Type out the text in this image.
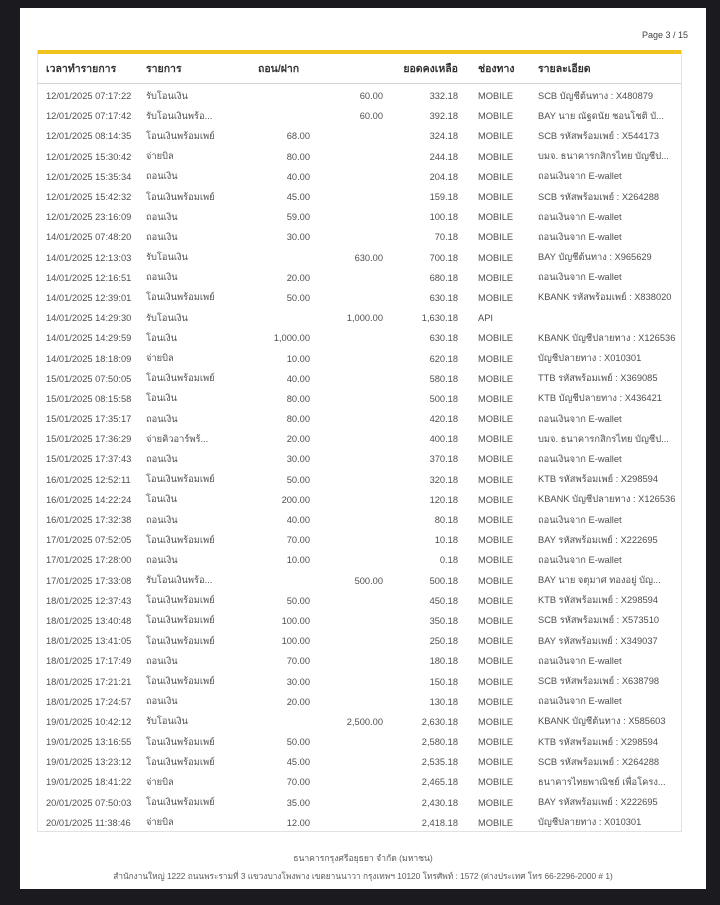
Page 3 / 15
เวลาทำรายการ	รายการ	ถอน/ฝาก	ยอดคงเหลือ	ช่องทาง	รายละเอียด
12/01/2025 07:17:22	รับโอนเงิน	60.00	332.18	MOBILE	SCB บัญชีต้นทาง : X480879
12/01/2025 07:17:42	รับโอนเงินพร้อ...	60.00	392.18	MOBILE	BAY นาย ณัฐดนัย ชอนโชติ บั...
12/01/2025 08:14:35	โอนเงินพร้อมเพย์	68.00	324.18	MOBILE	SCB รหัสพร้อมเพย์ : X544173
12/01/2025 15:30:42	จ่ายบิล	80.00	244.18	MOBILE	บมจ. ธนาคารกสิกรไทย บัญชีป...
12/01/2025 15:35:34	ถอนเงิน	40.00	204.18	MOBILE	ถอนเงินจาก E-wallet
12/01/2025 15:42:32	โอนเงินพร้อมเพย์	45.00	159.18	MOBILE	SCB รหัสพร้อมเพย์ : X264288
12/01/2025 23:16:09	ถอนเงิน	59.00	100.18	MOBILE	ถอนเงินจาก E-wallet
14/01/2025 07:48:20	ถอนเงิน	30.00	70.18	MOBILE	ถอนเงินจาก E-wallet
14/01/2025 12:13:03	รับโอนเงิน	630.00	700.18	MOBILE	BAY บัญชีต้นทาง : X965629
14/01/2025 12:16:51	ถอนเงิน	20.00	680.18	MOBILE	ถอนเงินจาก E-wallet
14/01/2025 12:39:01	โอนเงินพร้อมเพย์	50.00	630.18	MOBILE	KBANK รหัสพร้อมเพย์ : X838020
14/01/2025 14:29:30	รับโอนเงิน	1,000.00	1,630.18	API
14/01/2025 14:29:59	โอนเงิน	1,000.00	630.18	MOBILE	KBANK บัญชีปลายทาง : X126536
14/01/2025 18:18:09	จ่ายบิล	10.00	620.18	MOBILE	บัญชีปลายทาง : X010301
15/01/2025 07:50:05	โอนเงินพร้อมเพย์	40.00	580.18	MOBILE	TTB รหัสพร้อมเพย์ : X369085
15/01/2025 08:15:58	โอนเงิน	80.00	500.18	MOBILE	KTB บัญชีปลายทาง : X436421
15/01/2025 17:35:17	ถอนเงิน	80.00	420.18	MOBILE	ถอนเงินจาก E-wallet
15/01/2025 17:36:29	จ่ายคิวอาร์พร้...	20.00	400.18	MOBILE	บมจ. ธนาคารกสิกรไทย บัญชีป...
15/01/2025 17:37:43	ถอนเงิน	30.00	370.18	MOBILE	ถอนเงินจาก E-wallet
16/01/2025 12:52:11	โอนเงินพร้อมเพย์	50.00	320.18	MOBILE	KTB รหัสพร้อมเพย์ : X298594
16/01/2025 14:22:24	โอนเงิน	200.00	120.18	MOBILE	KBANK บัญชีปลายทาง : X126536
16/01/2025 17:32:38	ถอนเงิน	40.00	80.18	MOBILE	ถอนเงินจาก E-wallet
17/01/2025 07:52:05	โอนเงินพร้อมเพย์	70.00	10.18	MOBILE	BAY รหัสพร้อมเพย์ : X222695
17/01/2025 17:28:00	ถอนเงิน	10.00	0.18	MOBILE	ถอนเงินจาก E-wallet
17/01/2025 17:33:08	รับโอนเงินพร้อ...	500.00	500.18	MOBILE	BAY นาย จตุมาศ ทองอยู่ บัญ...
18/01/2025 12:37:43	โอนเงินพร้อมเพย์	50.00	450.18	MOBILE	KTB รหัสพร้อมเพย์ : X298594
18/01/2025 13:40:48	โอนเงินพร้อมเพย์	100.00	350.18	MOBILE	SCB รหัสพร้อมเพย์ : X573510
18/01/2025 13:41:05	โอนเงินพร้อมเพย์	100.00	250.18	MOBILE	BAY รหัสพร้อมเพย์ : X349037
18/01/2025 17:17:49	ถอนเงิน	70.00	180.18	MOBILE	ถอนเงินจาก E-wallet
18/01/2025 17:21:21	โอนเงินพร้อมเพย์	30.00	150.18	MOBILE	SCB รหัสพร้อมเพย์ : X638798
18/01/2025 17:24:57	ถอนเงิน	20.00	130.18	MOBILE	ถอนเงินจาก E-wallet
19/01/2025 10:42:12	รับโอนเงิน	2,500.00	2,630.18	MOBILE	KBANK บัญชีต้นทาง : X585603
19/01/2025 13:16:55	โอนเงินพร้อมเพย์	50.00	2,580.18	MOBILE	KTB รหัสพร้อมเพย์ : X298594
19/01/2025 13:23:12	โอนเงินพร้อมเพย์	45.00	2,535.18	MOBILE	SCB รหัสพร้อมเพย์ : X264288
19/01/2025 18:41:22	จ่ายบิล	70.00	2,465.18	MOBILE	ธนาคารไทยพาณิชย์ เพื่อโครง...
20/01/2025 07:50:03	โอนเงินพร้อมเพย์	35.00	2,430.18	MOBILE	BAY รหัสพร้อมเพย์ : X222695
20/01/2025 11:38:46	จ่ายบิล	12.00	2,418.18	MOBILE	บัญชีปลายทาง : X010301
ธนาคารกรุงศรีอยุธยา จำกัด (มหาชน)
สำนักงานใหญ่ 1222 ถนนพระรามที่ 3 แขวงบางโพงพาง เขตยานนาวา กรุงเทพฯ 10120 โทรศัพท์ : 1572 (ต่างประเทศ โทร 66-2296-2000 # 1)
